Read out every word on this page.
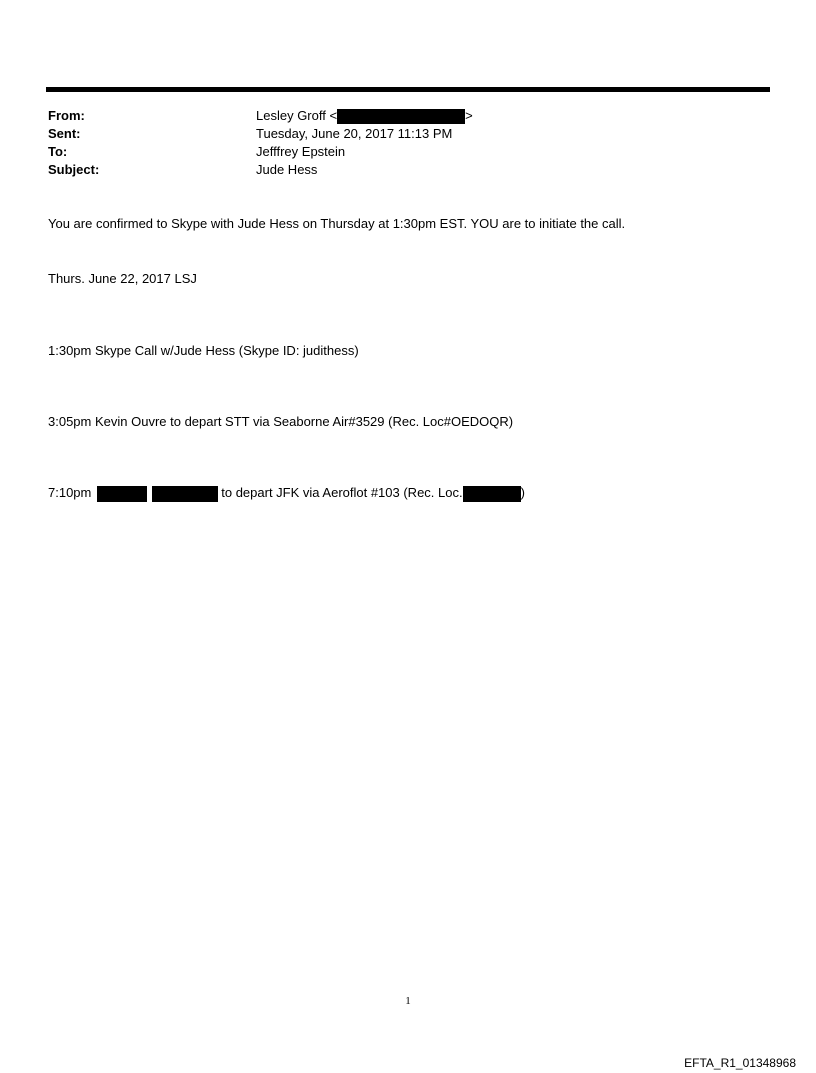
From:	Lesley Groff <	>
Sent:	Tuesday, June 20, 2017 11:13 PM
To:	Jefffrey Epstein
Subject:	Jude Hess
You are confirmed to Skype with Jude Hess on Thursday at 1:30pm EST. YOU are to initiate the call.
Thurs. June 22, 2017 LSJ
1:30pm Skype Call w/Jude Hess (Skype ID: judithess)
3:05pm Kevin Ouvre to depart STT via Seaborne Air#3529 (Rec. Loc#OEDOQR)
7:10pm	to depart JFK via Aeroflot #103 (Rec. Loc.	)
1
EFTA_R1_01348968
